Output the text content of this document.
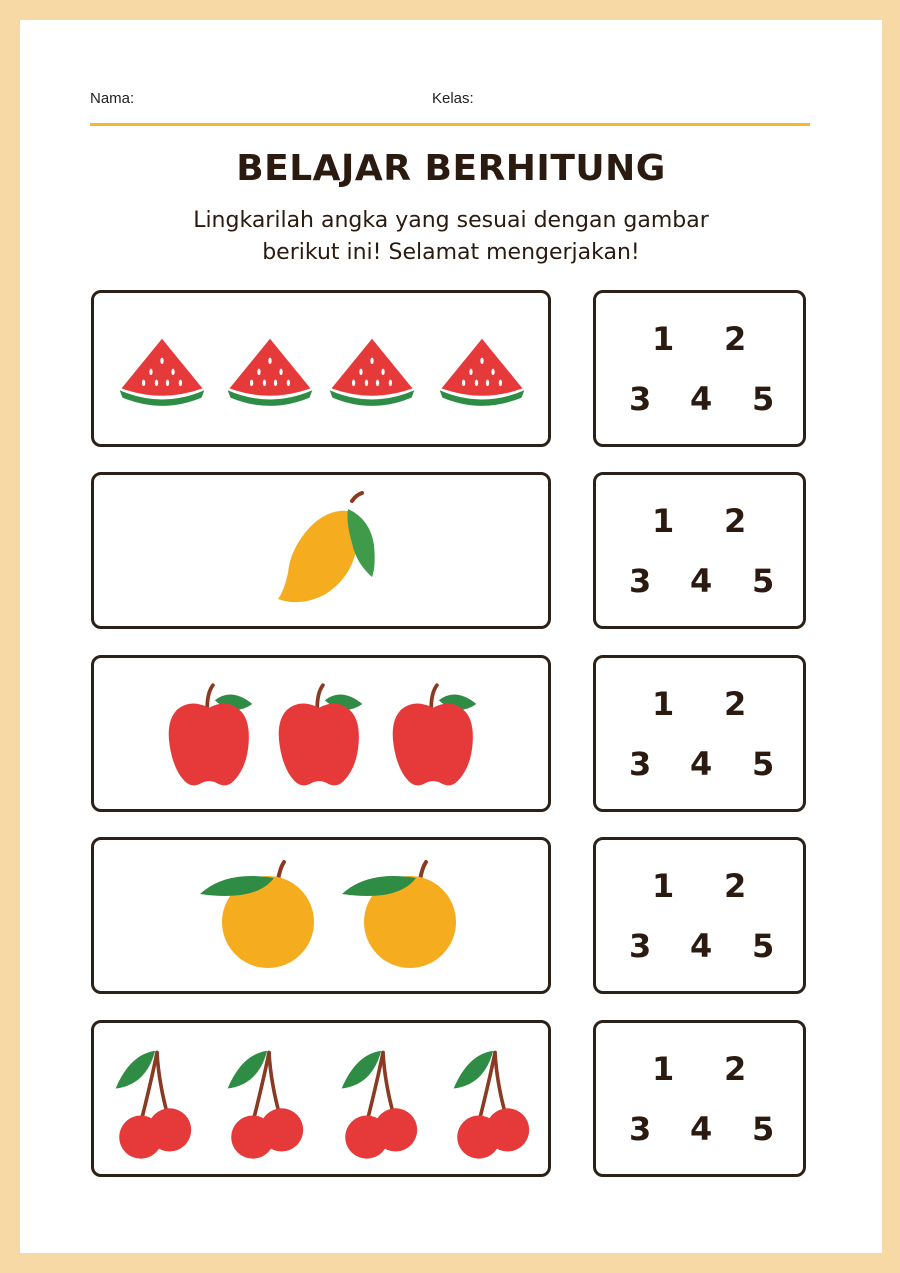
Nama:	Kelas:
BELAJAR BERHITUNG
Lingkarilah angka yang sesuai dengan gambar
berikut ini! Selamat mengerjakan!
1 2
3 4 5
1 2
3 4 5
1 2
3 4 5
1 2
3 4 5
1 2
3 4 5
